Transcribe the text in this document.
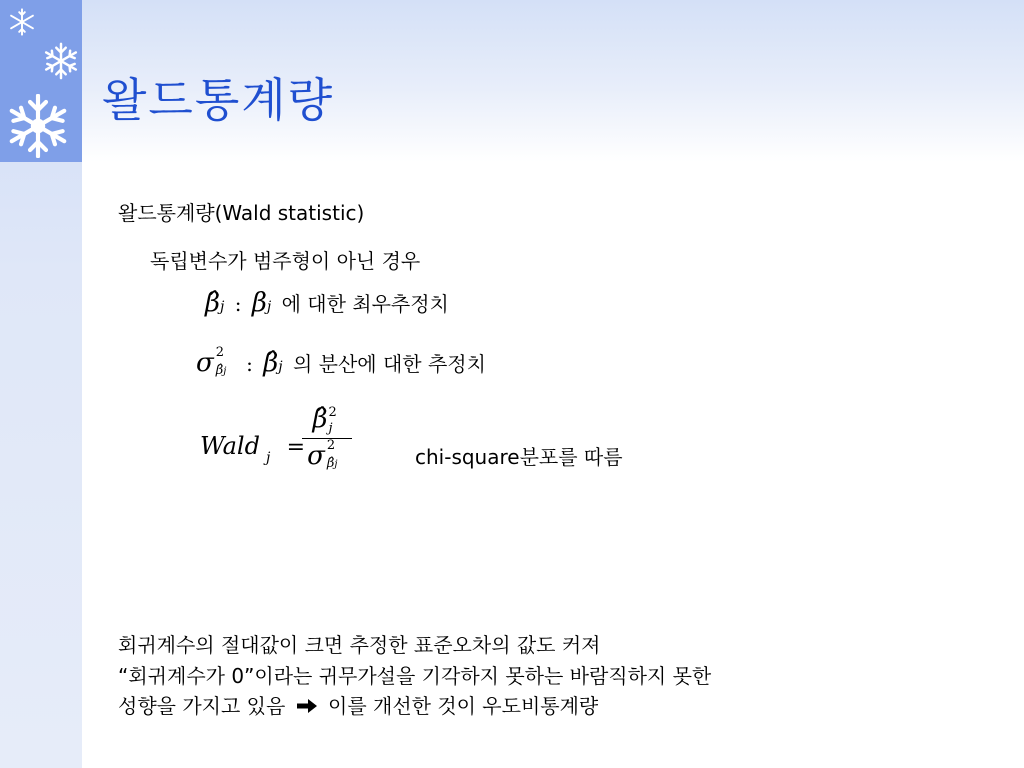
왈드통계량
왈드통계량(Wald statistic)
독립변수가 범주형이 아닌 경우
β̂j : βj 에 대한 최우추정치
σ 2
β̂j : β̂j 의 분산에 대한 추정치
Wald $_j$ =
β̂ 2
j
σ 2
β̂j	chi-square분포를 따름
회귀계수의 절대값이 크면 추정한 표준오차의 값도 커져
“회귀계수가 0”이라는 귀무가설을 기각하지 못하는 바람직하지 못한
성향을 가지고 있음 이를 개선한 것이 우도비통계량
